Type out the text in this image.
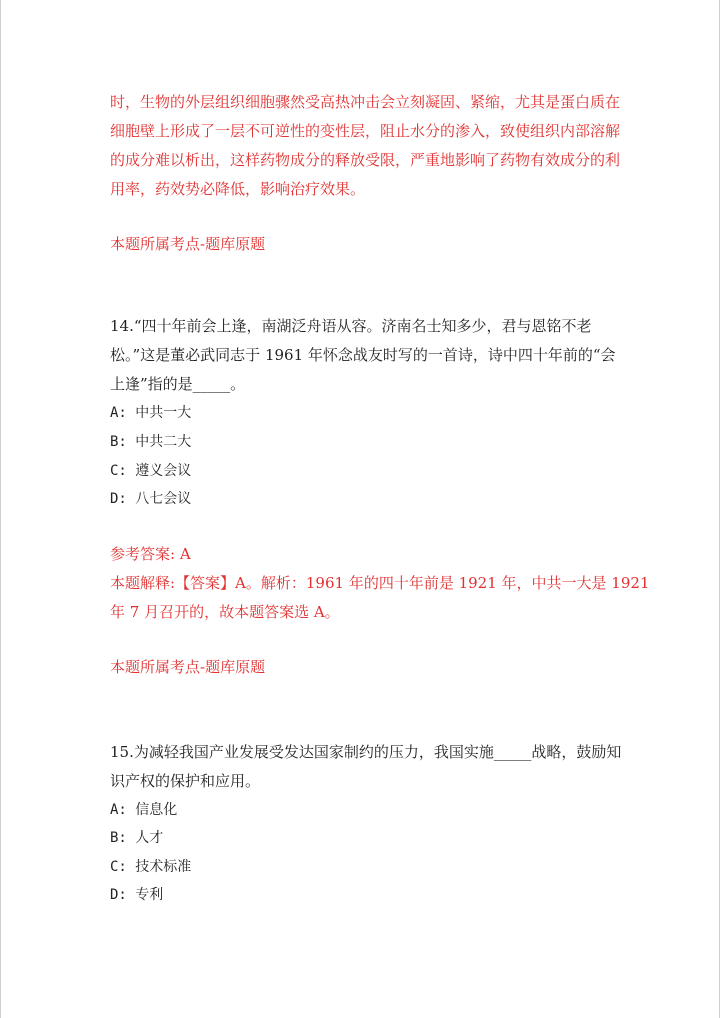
时，生物的外层组织细胞骤然受高热冲击会立刻凝固、紧缩，尤其是蛋白质在
细胞壁上形成了一层不可逆性的变性层，阻止水分的渗入，致使组织内部溶解
的成分难以析出，这样药物成分的释放受限，严重地影响了药物有效成分的利
用率，药效势必降低，影响治疗效果。
本题所属考点-题库原题
14.“四十年前会上逢，南湖泛舟语从容。济南名士知多少，君与恩铭不老
松。”这是董必武同志于 1961 年怀念战友时写的一首诗，诗中四十年前的“会
上逢”指的是_____。
A: 中共一大
B: 中共二大
C: 遵义会议
D: 八七会议
参考答案: A
本题解释:【答案】A。解析：1961 年的四十年前是 1921 年，中共一大是 1921
年 7 月召开的，故本题答案选 A。
本题所属考点-题库原题
15.为减轻我国产业发展受发达国家制约的压力，我国实施_____战略，鼓励知
识产权的保护和应用。
A: 信息化
B: 人才
C: 技术标准
D: 专利
